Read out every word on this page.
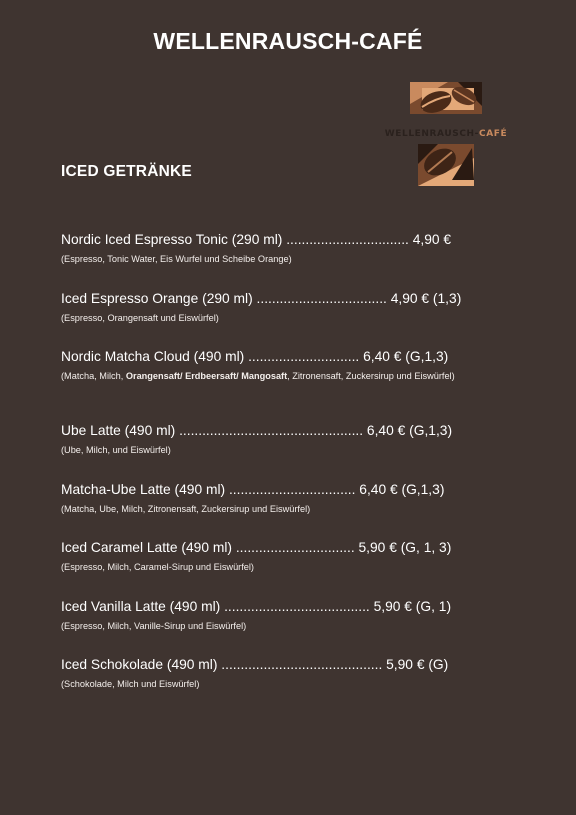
WELLENRAUSCH-CAFÉ
WELLENRAUSCH-CAFÉ
ICED GETRÄNKE
Nordic Iced Espresso Tonic (290 ml) ................................ 4,90 €
(Espresso, Tonic Water, Eis Wurfel und Scheibe Orange)
Iced Espresso Orange (290 ml) .................................. 4,90 € (1,3)
(Espresso, Orangensaft und Eiswürfel)
Nordic Matcha Cloud (490 ml) ............................. 6,40 € (G,1,3)
(Matcha, Milch, Orangensaft/ Erdbeersaft/ Mangosaft, Zitronensaft, Zuckersirup und Eiswürfel)
Ube Latte (490 ml) ................................................ 6,40 € (G,1,3)
(Ube, Milch, und Eiswürfel)
Matcha-Ube Latte (490 ml) ................................. 6,40 € (G,1,3)
(Matcha, Ube, Milch, Zitronensaft, Zuckersirup und Eiswürfel)
Iced Caramel Latte (490 ml) ............................... 5,90 € (G, 1, 3)
(Espresso, Milch, Caramel-Sirup und Eiswürfel)
Iced Vanilla Latte (490 ml) ...................................... 5,90 € (G, 1)
(Espresso, Milch, Vanille-Sirup und Eiswürfel)
Iced Schokolade (490 ml) .......................................... 5,90 € (G)
(Schokolade, Milch und Eiswürfel)
